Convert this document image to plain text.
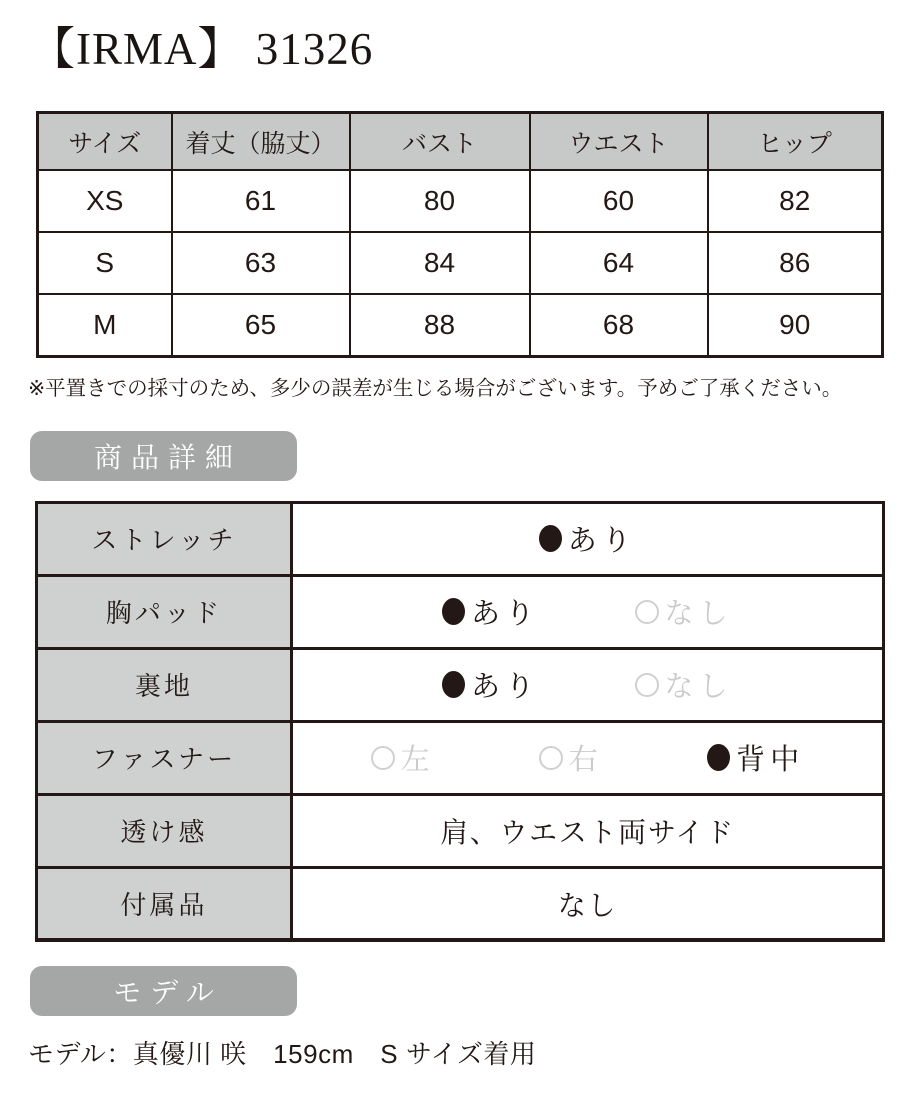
【IRMA】 31326
サイズ	着丈（脇丈）	バスト	ウエスト	ヒップ
XS	61	80	60	82
S	63	84	64	86
M	65	88	68	90
※平置きでの採寸のため、多少の誤差が生じる場合がございます。予めご了承ください。
商品詳細
ストレッチ	あり

胸パッド	あり なし

裏地	あり なし

ファスナー	左 右 背中

透け感	肩、ウエスト両サイド
付属品	なし
モデル
モデル：真優川 咲　159cm　S サイズ着用
